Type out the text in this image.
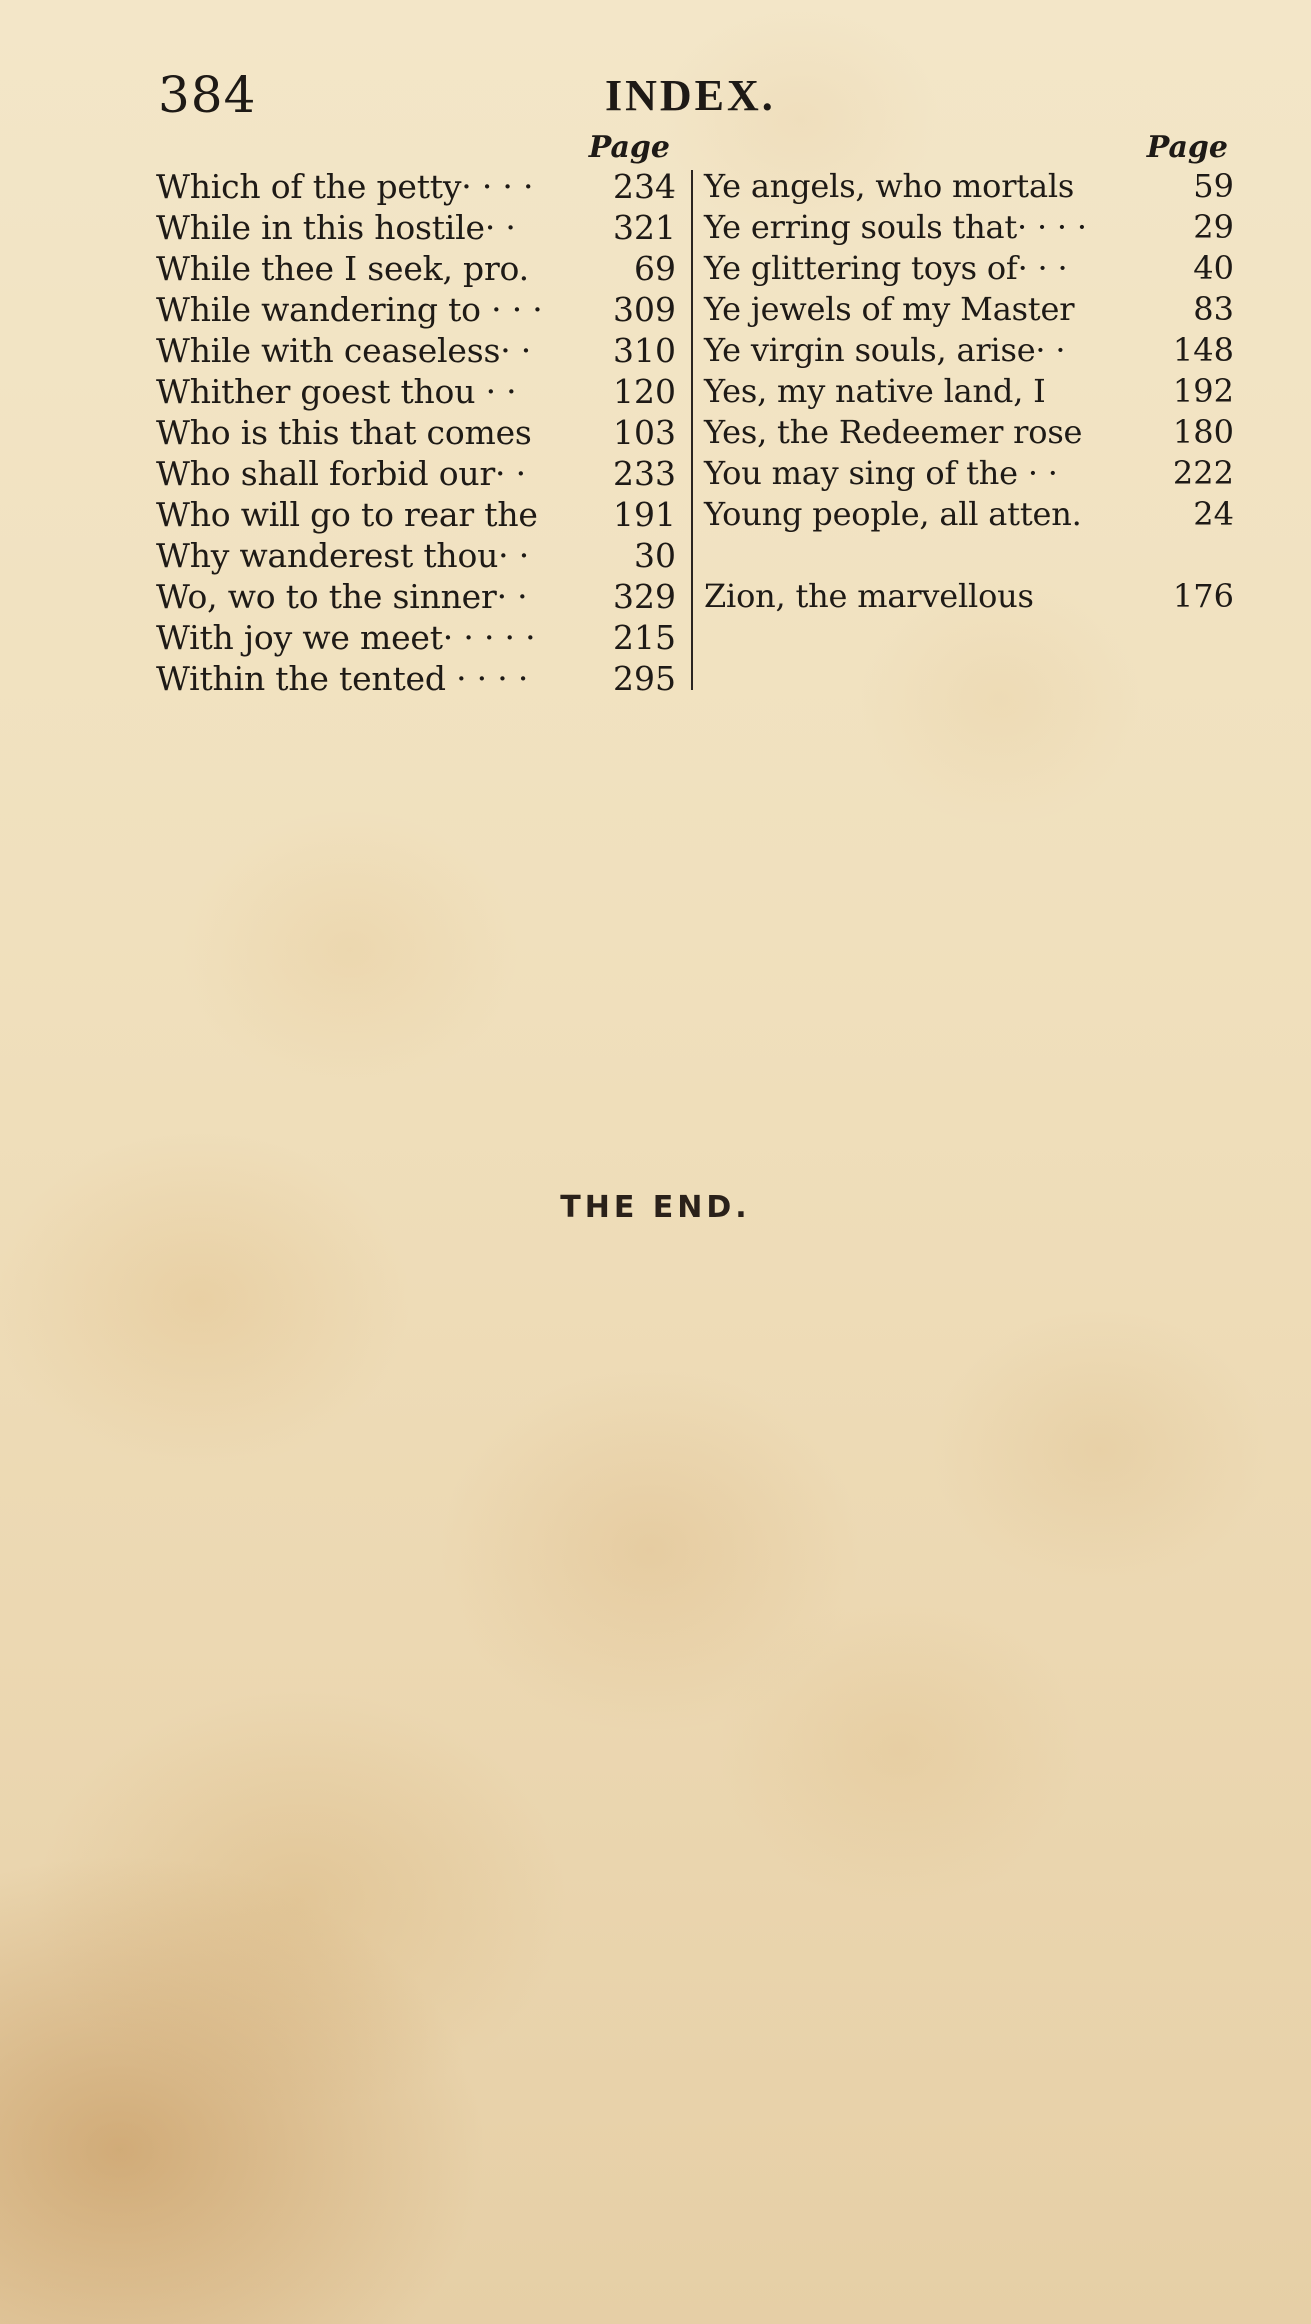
384	INDEX.
Page
Which of the petty· · · · 234
While in this hostile· ·	321
While thee I seek, pro.	69
While wandering to · · · 309
While with ceaseless· · 310
Whither goest thou · ·	120
Who is this that comes 103
Who shall forbid our· ·	233
Who will go to rear the 191
Why wanderest thou· ·	30
Wo, wo to the sinner· ·	329
With joy we meet· · · · · 215
Within the tented · · · ·	295
Page
Ye angels, who mortals	59
Ye erring souls that· · · ·	29
Ye glittering toys of· · ·	40
Ye jewels of my Master	83
Ye virgin souls, arise· ·	148
Yes, my native land, I	192
Yes, the Redeemer rose	180
You may sing of the · ·	222
Young people, all atten.	24
Zion, the marvellous	176
THE END.
